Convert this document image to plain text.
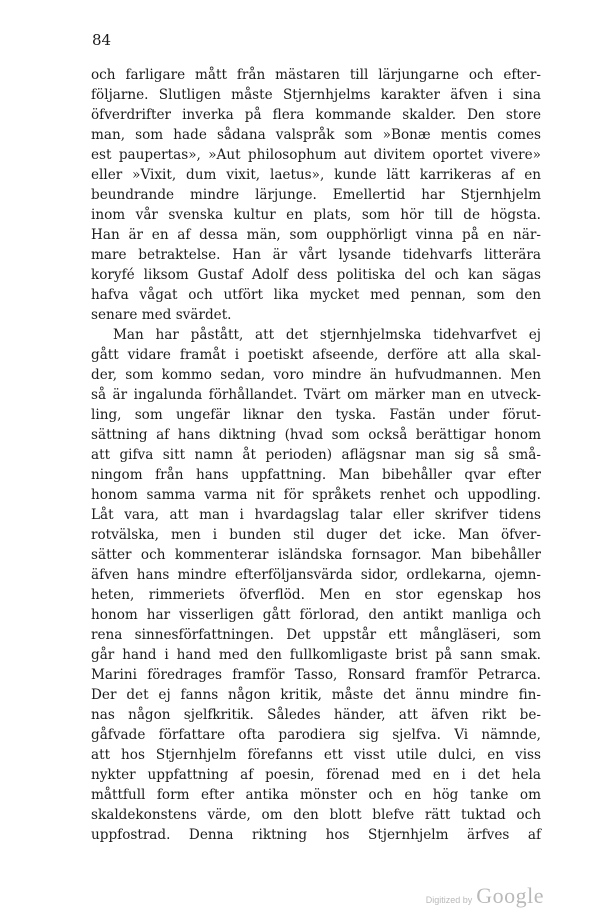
84
och farligare mått från mästaren till lärjungarne och efter-
följarne. Slutligen måste Stjernhjelms karakter äfven i sina
öfverdrifter inverka på flera kommande skalder. Den store
man, som hade sådana valspråk som »Bonæ mentis comes
est paupertas», »Aut philosophum aut divitem oportet vivere»
eller »Vixit, dum vixit, laetus», kunde lätt karrikeras af en
beundrande mindre lärjunge. Emellertid har Stjernhjelm
inom vår svenska kultur en plats, som hör till de högsta.
Han är en af dessa män, som oupphörligt vinna på en när-
mare betraktelse. Han är vårt lysande tidehvarfs litterära
koryfé liksom Gustaf Adolf dess politiska del och kan sägas
hafva vågat och utfört lika mycket med pennan, som den
senare med svärdet.
Man har påstått, att det stjernhjelmska tidehvarfvet ej
gått vidare framåt i poetiskt afseende, derföre att alla skal-
der, som kommo sedan, voro mindre än hufvudmannen. Men
så är ingalunda förhållandet. Tvärt om märker man en utveck-
ling, som ungefär liknar den tyska. Fastän under förut-
sättning af hans diktning (hvad som också berättigar honom
att gifva sitt namn åt perioden) aflägsnar man sig så små-
ningom från hans uppfattning. Man bibehåller qvar efter
honom samma varma nit för språkets renhet och uppodling.
Låt vara, att man i hvardagslag talar eller skrifver tidens
rotvälska, men i bunden stil duger det icke. Man öfver-
sätter och kommenterar isländska fornsagor. Man bibehåller
äfven hans mindre efterföljansvärda sidor, ordlekarna, ojemn-
heten, rimmeriets öfverflöd. Men en stor egenskap hos
honom har visserligen gått förlorad, den antikt manliga och
rena sinnesförfattningen. Det uppstår ett mångläseri, som
går hand i hand med den fullkomligaste brist på sann smak.
Marini föredrages framför Tasso, Ronsard framför Petrarca.
Der det ej fanns någon kritik, måste det ännu mindre fin-
nas någon sjelfkritik. Således händer, att äfven rikt be-
gåfvade författare ofta parodiera sig sjelfva. Vi nämnde,
att hos Stjernhjelm förefanns ett visst utile dulci, en viss
nykter uppfattning af poesin, förenad med en i det hela
måttfull form efter antika mönster och en hög tanke om
skaldekonstens värde, om den blott blefve rätt tuktad och
uppfostrad. Denna riktning hos Stjernhjelm ärfves af
Digitized by Google
